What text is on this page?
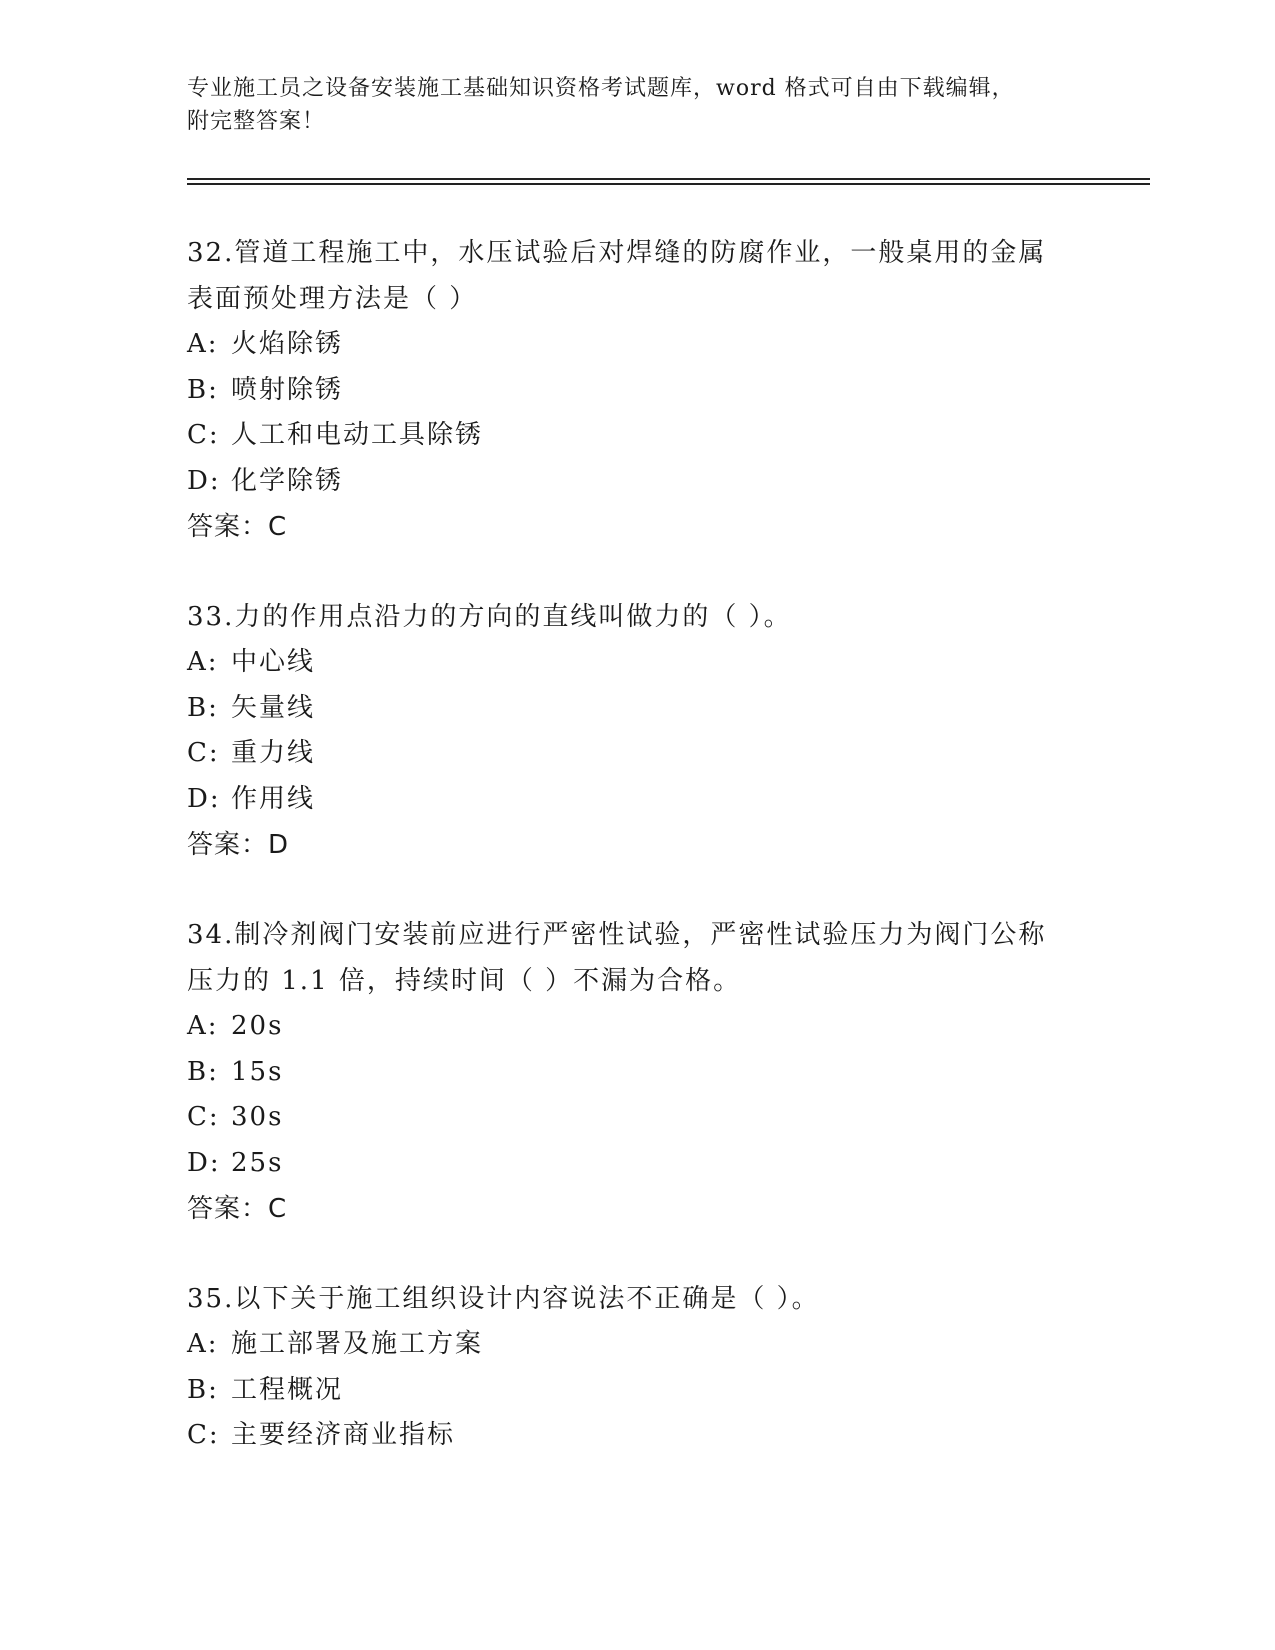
专业施工员之设备安装施工基础知识资格考试题库，word 格式可自由下载编辑，
附完整答案！
32.管道工程施工中，水压试验后对焊缝的防腐作业，一般桌用的金属
表面预处理方法是（ ）
A: 火焰除锈
B: 喷射除锈
C: 人工和电动工具除锈
D: 化学除锈
答案：C
33.力的作用点沿力的方向的直线叫做力的（ ）。
A: 中心线
B: 矢量线
C: 重力线
D: 作用线
答案：D
34.制冷剂阀门安装前应进行严密性试验，严密性试验压力为阀门公称
压力的 1.1 倍，持续时间（ ）不漏为合格。
A: 20s
B: 15s
C: 30s
D: 25s
答案：C
35.以下关于施工组织设计内容说法不正确是（ ）。
A: 施工部署及施工方案
B: 工程概况
C: 主要经济商业指标
